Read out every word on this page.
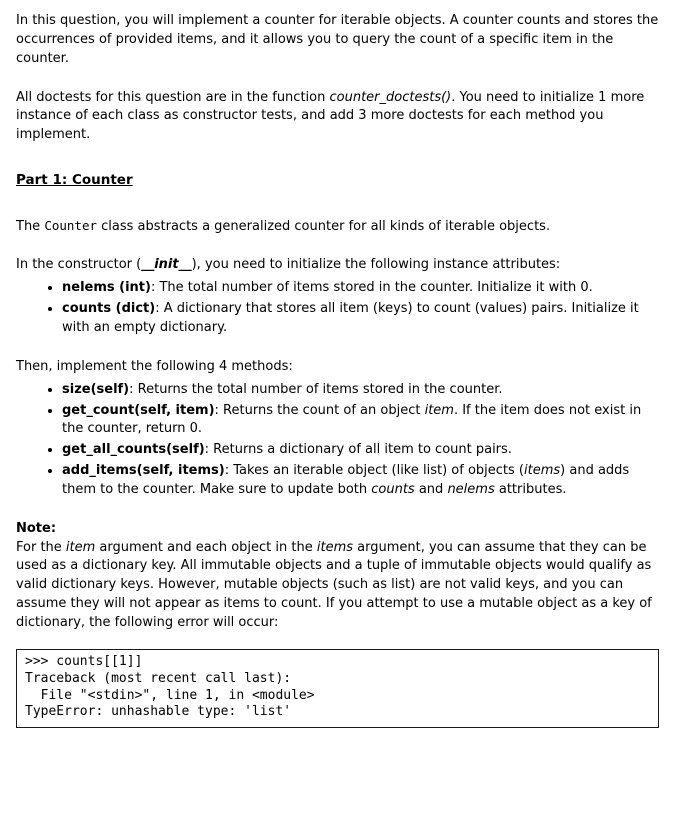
In this question, you will implement a counter for iterable objects. A counter counts and stores the occurrences of provided items, and it allows you to query the count of a specific item in the counter.

All doctests for this question are in the function counter_doctests(). You need to initialize 1 more instance of each class as constructor tests, and add 3 more doctests for each method you implement.

Part 1: Counter

The Counter class abstracts a generalized counter for all kinds of iterable objects.

In the constructor (__init__), you need to initialize the following instance attributes:

• nelems (int): The total number of items stored in the counter. Initialize it with 0.
• counts (dict): A dictionary that stores all item (keys) to count (values) pairs. Initialize it with an empty dictionary.

Then, implement the following 4 methods:

• size(self): Returns the total number of items stored in the counter.
• get_count(self, item): Returns the count of an object item. If the item does not exist in the counter, return 0.
• get_all_counts(self): Returns a dictionary of all item to count pairs.
• add_items(self, items): Takes an iterable object (like list) of objects (items) and adds them to the counter. Make sure to update both counts and nelems attributes.

Note:

For the item argument and each object in the items argument, you can assume that they can be used as a dictionary key. All immutable objects and a tuple of immutable objects would qualify as valid dictionary keys. However, mutable objects (such as list) are not valid keys, and you can assume they will not appear as items to count. If you attempt to use a mutable object as a key of dictionary, the following error will occur:

>>> counts[[1]]
Traceback (most recent call last):
File "<stdin>", line 1, in <module>
TypeError: unhashable type: 'list'
